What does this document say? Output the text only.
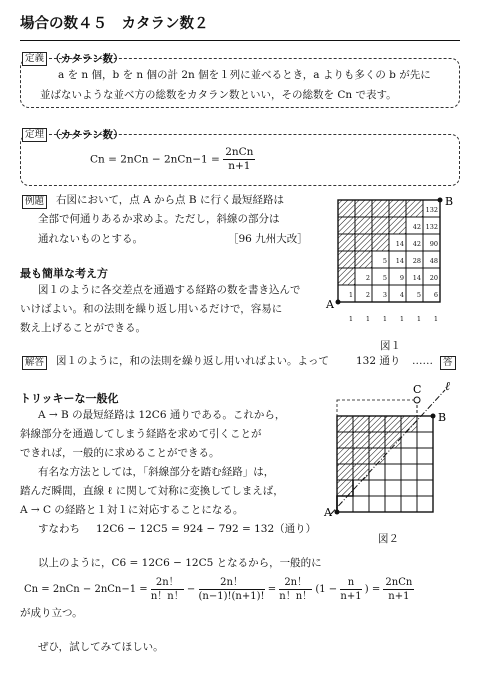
場合の数４５　カタラン数２
定義 （カタラン数）
a を n 個，b を n 個の計 2n 個を１列に並べるとき，a よりも多くの b が先に
並ばないような並べ方の総数をカタラン数といい，その総数を Cn で表す。
定理 （カタラン数）
$Cn = 2nCn - 2nCn-1 = \frac{\text{2nCn}}{n+1}$
例題 右図において，点 A から点 B に行く最短経路は
全部で何通りあるか求めよ。ただし，斜線の部分は
通れないものとする。	［96 九州大改］
最も簡単な考え方
図１のように各交差点を通過する経路の数を書き込んで
いけばよい。和の法則を繰り返し用いるだけで，容易に
数え上げることができる。
解答 図１のように，和の法則を繰り返し用いればよい。よって	132 通り ……	答
トリッキーな一般化
A → B の最短経路は 12C6 通りである。これから，
斜線部分を通過してしまう経路を求めて引くことが
できれば，一般的に求めることができる。
有名な方法としては，「斜線部分を踏む経路」は，
踏んだ瞬間，直線 ℓ に関して対称に変換してしまえば，
A → C の経路と１対１に対応することになる。
すなわち 12C6 − 12C5 = 924 − 792 = 132（通り）
以上のように，C6 = 12C6 − 12C5 となるから，一般的に
$Cn = 2nCn - 2nCn-1 = \frac{2n!}{n!n!} - \frac{2n!}{(n-1)!(n+1)!} = \frac{2n!}{n!n!} (1 - \frac{n}{n+1}$ ) = $\frac{\text{2nCn}}{n+1}$
が成り立つ。
ぜひ，試してみてほしい。
132
42 132
14 42 90
5 14 28 48
2 5 9 14 20
1 2 3 4 5 6
1 1 1 1 1 1
A
B
図１
A
B
C ℓ
図２
